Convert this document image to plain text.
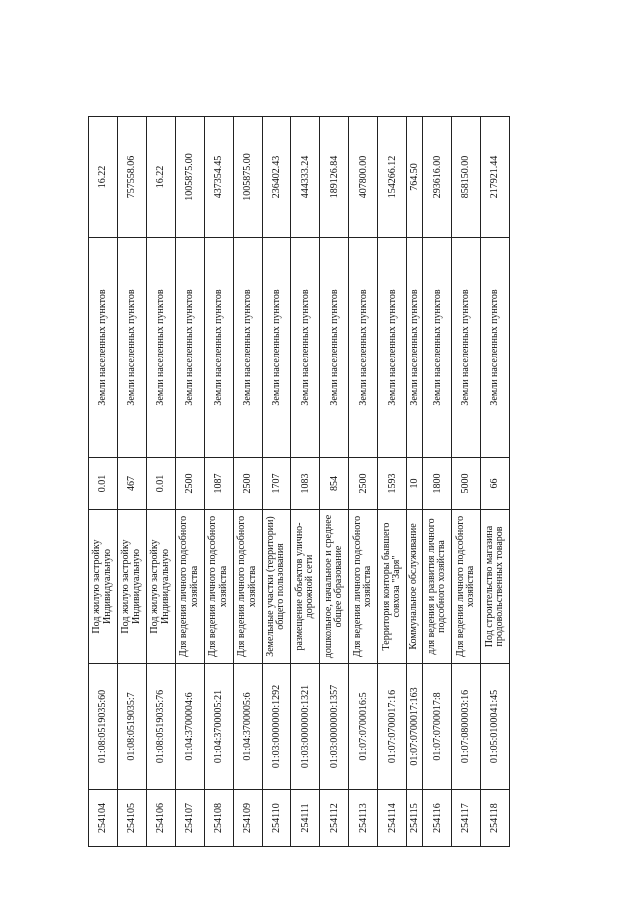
254104	01:08:0519035:60	Под жилую застройку Индивидуальную	0.01	Земли населенных пунктов	16.22
254105	01:08:0519035:7	Под жилую застройку Индивидуальную	467	Земли населенных пунктов	757558.06
254106	01:08:0519035:76	Под жилую застройку Индивидуальную	0.01	Земли населенных пунктов	16.22
254107	01:04:3700004:6	Для ведения личного подсобного хозяйства	2500	Земли населенных пунктов	1005875.00
254108	01:04:3700005:21	Для ведения личного подсобного хозяйства	1087	Земли населенных пунктов	437354.45
254109	01:04:3700005:6	Для ведения личного подсобного хозяйства	2500	Земли населенных пунктов	1005875.00
254110	01:03:0000000:1292	Земельные участки (территории) общего пользования	1707	Земли населенных пунктов	236402.43
254111	01:03:0000000:1321	размещение объектов улично- дорожной сети	1083	Земли населенных пунктов	444333.24
254112	01:03:0000000:1357	дошкольное, начальное и среднее общее образование	854	Земли населенных пунктов	189126.84
254113	01:07:0700016:5	Для ведения личного подсобного хозяйства	2500	Земли населенных пунктов	407800.00
254114	01:07:0700017:16	Территория конторы бывшего совхоза "Заря"	1593	Земли населенных пунктов	154266.12
254115	01:07:0700017:163	Коммунальное обслуживание	10	Земли населенных пунктов	764.50
254116	01:07:0700017:8	для ведения и развития личного подсобного хозяйства	1800	Земли населенных пунктов	293616.00
254117	01:07:0800003:16	Для ведения личного подсобного хозяйства	5000	Земли населенных пунктов	858150.00
254118	01:05:0100041:45	Под строительство магазина продовольственных товаров	66	Земли населенных пунктов	217921.44
